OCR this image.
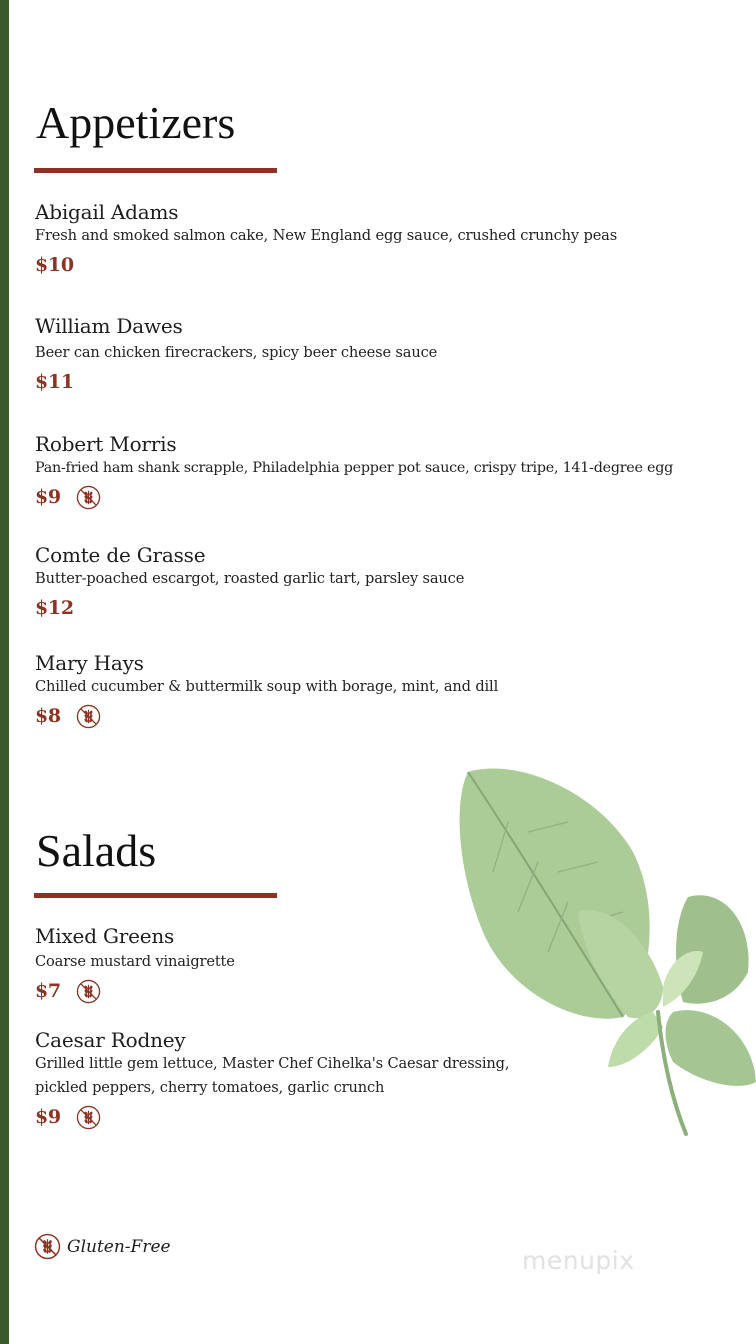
Appetizers
Abigail Adams
Fresh and smoked salmon cake, New England egg sauce, crushed crunchy peas
$10
William Dawes
Beer can chicken firecrackers, spicy beer cheese sauce
$11
Robert Morris
Pan-fried ham shank scrapple, Philadelphia pepper pot sauce, crispy tripe, 141-degree egg
$9
Comte de Grasse
Butter-poached escargot, roasted garlic tart, parsley sauce
$12
Mary Hays
Chilled cucumber & buttermilk soup with borage, mint, and dill
$8
Salads
Mixed Greens
Coarse mustard vinaigrette
$7
Caesar Rodney
Grilled little gem lettuce, Master Chef Cihelka's Caesar dressing,
pickled peppers, cherry tomatoes, garlic crunch
$9
Gluten-Free	menupix
